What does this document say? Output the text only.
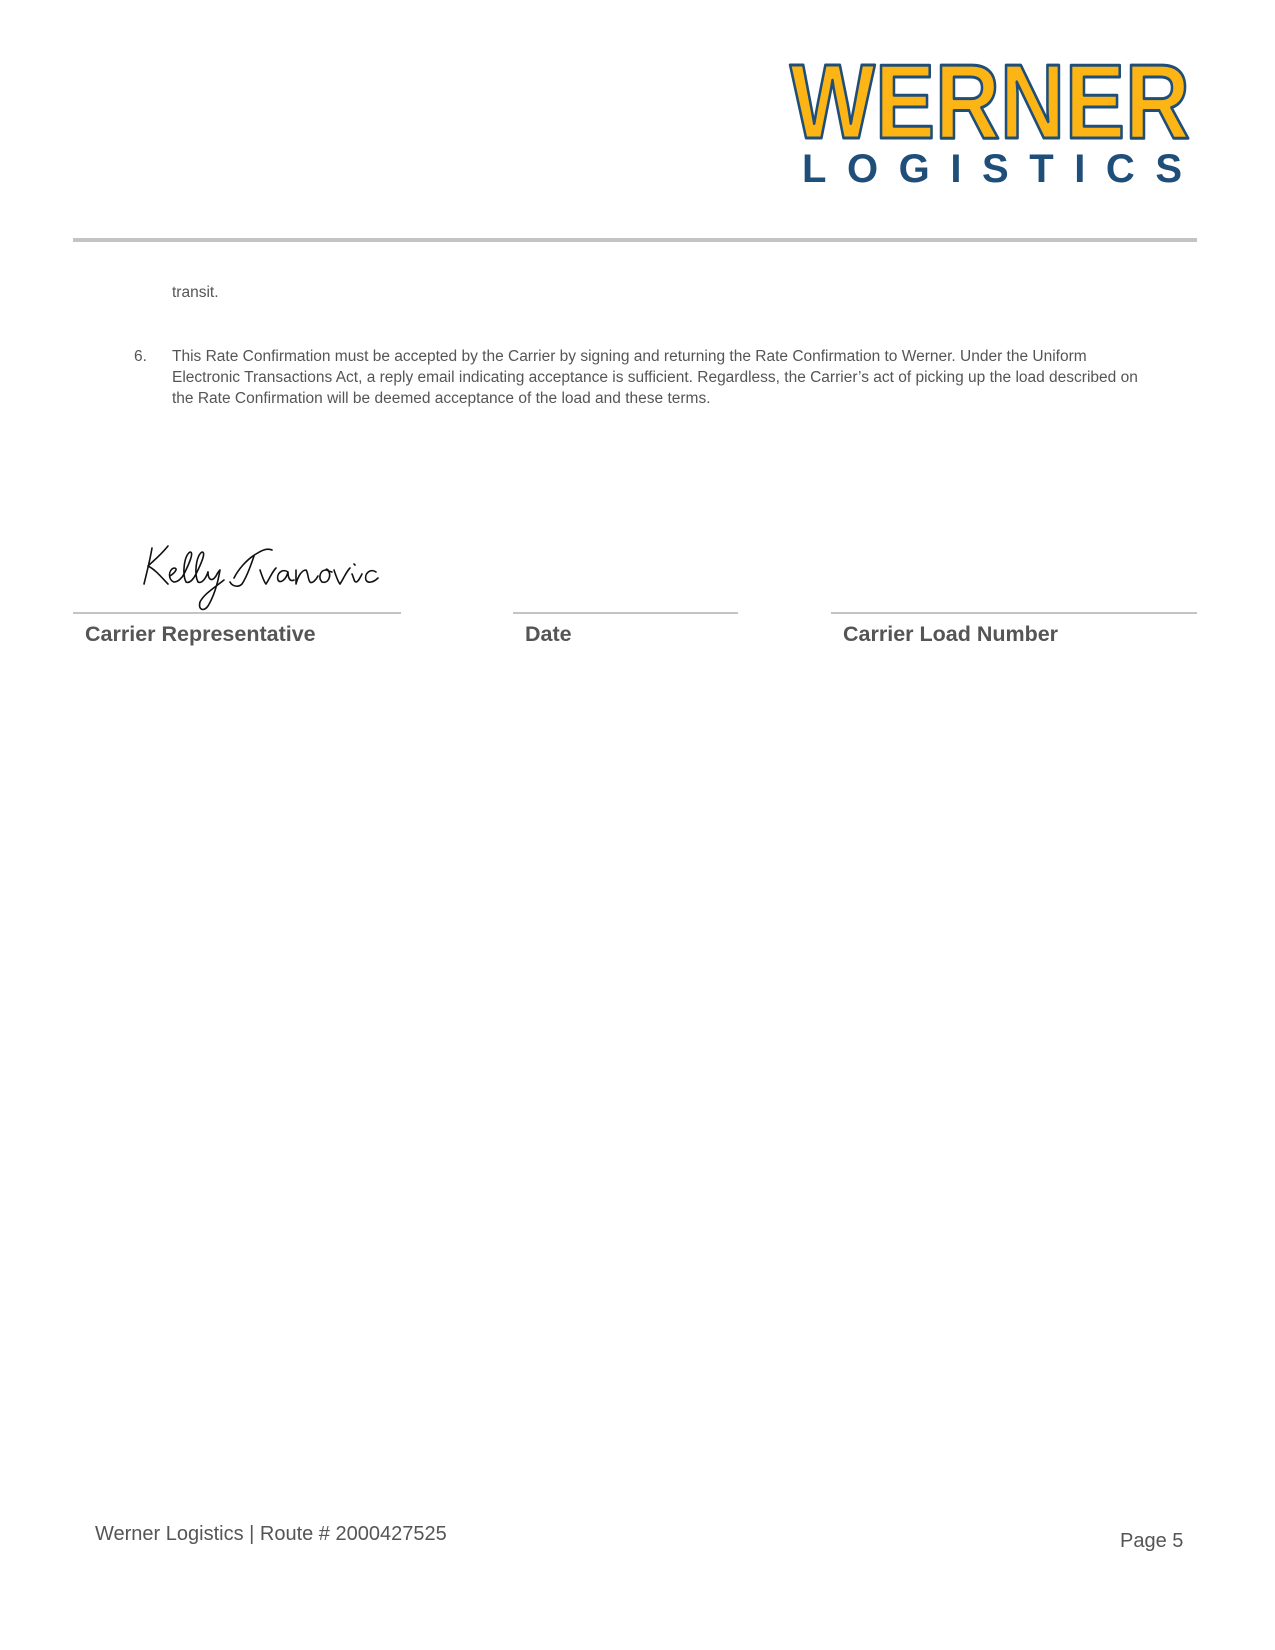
WERNER
LOGISTICS
transit.
6. This Rate Confirmation must be accepted by the Carrier by signing and returning the Rate Confirmation to Werner. Under the Uniform Electronic Transactions Act, a reply email indicating acceptance is sufficient. Regardless, the Carrier’s act of picking up the load described on the Rate Confirmation will be deemed acceptance of the load and these terms.
Kelly Ivanovic
Carrier Representative	Date	Carrier Load Number
Werner Logistics | Route # 2000427525	Page 5
